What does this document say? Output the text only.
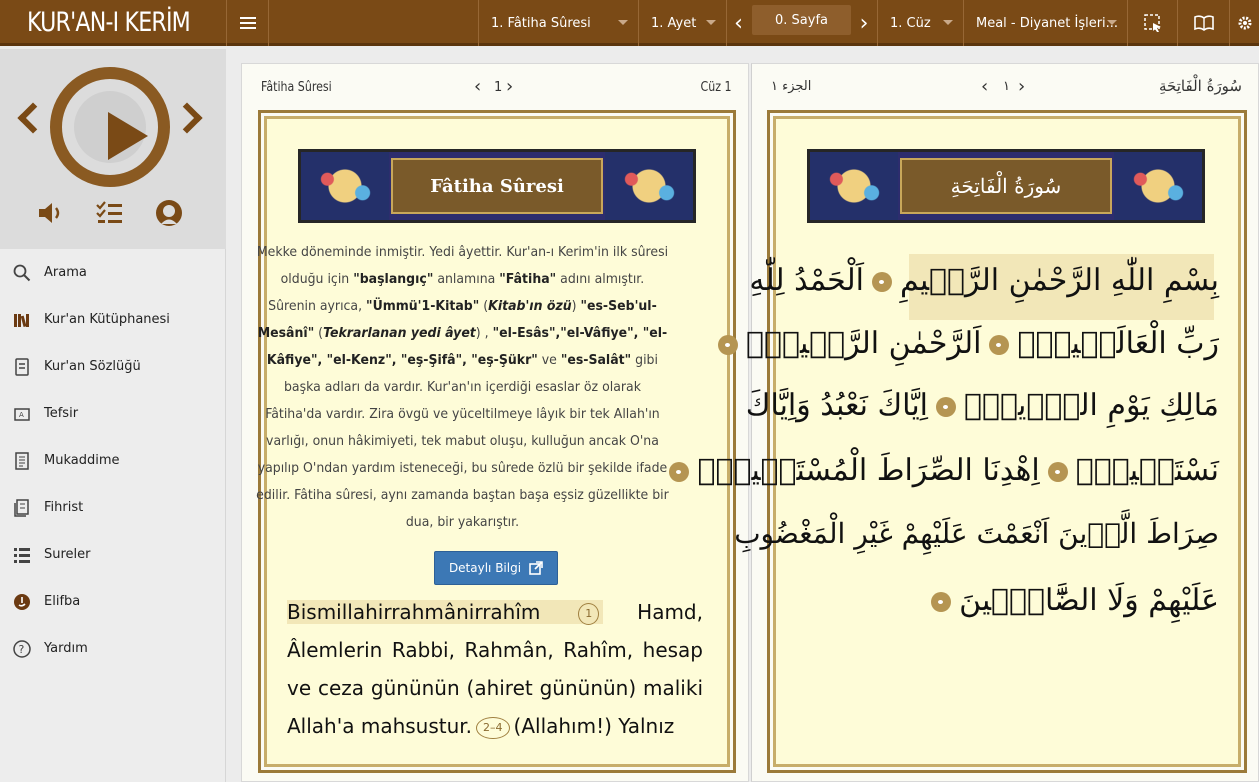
KUR'AN-I KERİM	1. Fâtiha Sûresi	1. Ayet	‹	0. Sayfa	›	1. Cüz	Meal - Diyanet İşleri...
Arama
Kur'an Kütüphanesi
Kur'an Sözlüğü
A Tefsir
Mukaddime
Fihrist
Sureler
Elifba
? Yardım
Fâtiha Sûresi	‹ 1 ›	Cüz 1
Fâtiha Sûresi
Mekke döneminde inmiştir. Yedi âyettir. Kur'an-ı Kerim'in ilk sûresi olduğu için "başlangıç" anlamına "Fâtiha" adını almıştır. Sûrenin ayrıca, "Ümmü'1-Kitab" (Kitab'ın özü) "es-Seb'ul-Mesânî" (Tekrarlanan yedi âyet) , "el-Esâs","el-Vâfiye", "el-Kâfiye", "el-Kenz", "eş-Şifâ", "eş-Şükr" ve "es-Salât" gibi başka adları da vardır. Kur'an'ın içerdiği esaslar öz olarak Fâtiha'da vardır. Zira övgü ve yüceltilmeye lâyık bir tek Allah'ın varlığı, onun hâkimiyeti, tek mabut oluşu, kulluğun ancak O'na yapılıp O'ndan yardım isteneceği, bu sûrede özlü bir şekilde ifade edilir. Fâtiha sûresi, aynı zamanda baştan başa eşsiz güzellikte bir dua, bir yakarıştır.
Detaylı Bilgi
Bismillahirrahmânirrahîm	1 Hamd, Âlemlerin Rabbi, Rahmân, Rahîm, hesap ve ceza gününün (ahiret gününün) maliki Allah'a mahsustur. 2–4 (Allahım!) Yalnız
سُورَةُ الْفَاتِحَةِ
‹ ١ ›
الجزء ١
سُورَةُ الْفَاتِحَةِ
بِسْمِ اللّٰهِ الرَّحْمٰنِ الرَّح۪يمِاَلْحَمْدُ لِلّٰهِ
رَبِّ الْعَالَم۪ينَۙاَلرَّحْمٰنِ الرَّح۪يمِۙ
مَالِكِ يَوْمِ الدّ۪ينِۜاِيَّاكَ نَعْبُدُ وَاِيَّاكَ
نَسْتَع۪ينُۜاِهْدِنَا الصِّرَاطَ الْمُسْتَق۪يمَۙ
صِرَاطَ الَّذ۪ينَ اَنْعَمْتَ عَلَيْهِمْ غَيْرِ الْمَغْضُوبِ
عَلَيْهِمْ وَلَا الضَّٓالّ۪ينَ
